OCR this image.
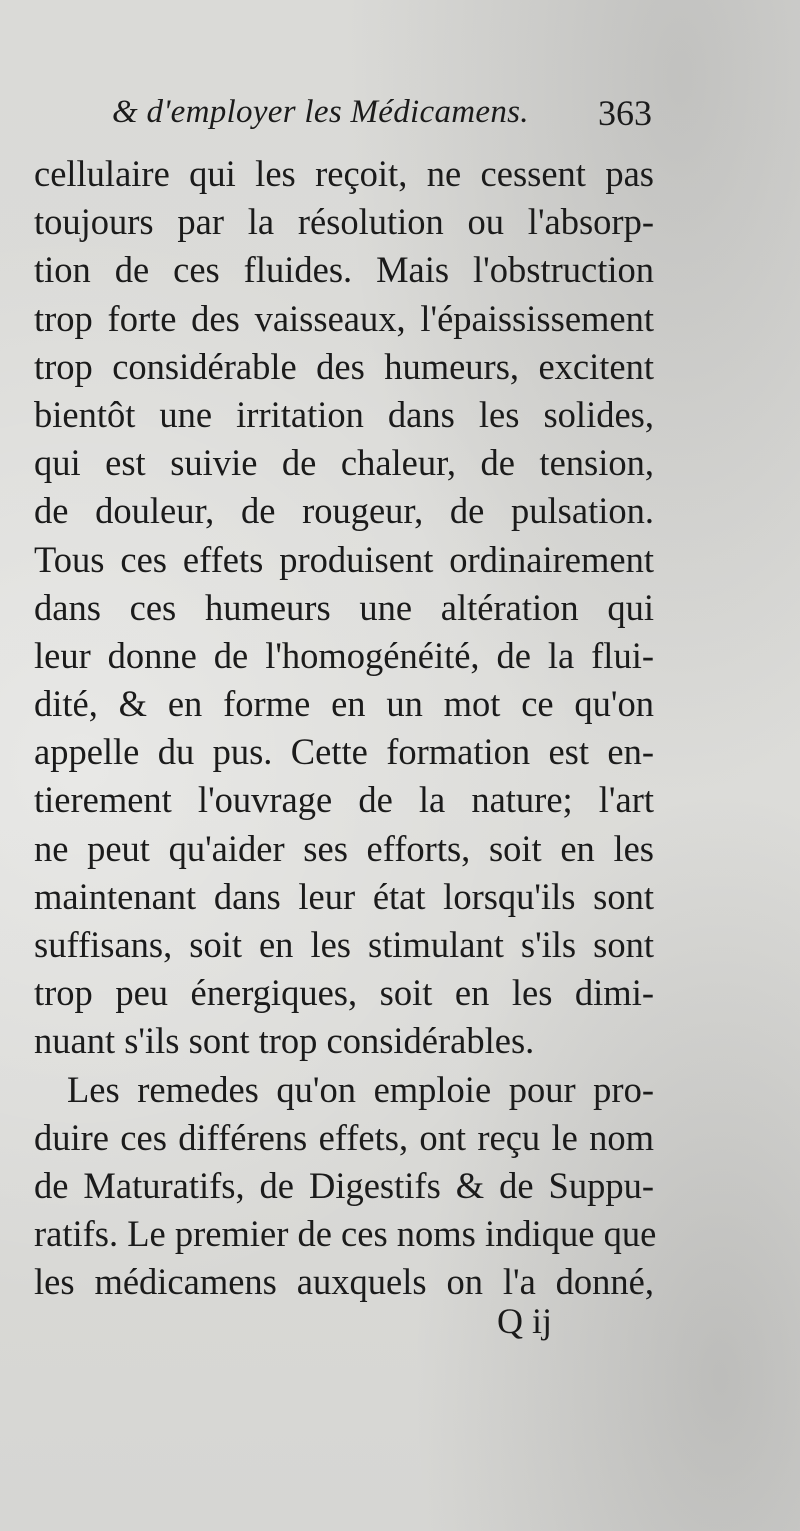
& d'employer les Médicamens. 363
cellulaire qui les reçoit, ne cessent pas
toujours par la résolution ou l'absorp-
tion de ces fluides. Mais l'obstruction
trop forte des vaisseaux, l'épaississement
trop considérable des humeurs, excitent
bientôt une irritation dans les solides,
qui est suivie de chaleur, de tension,
de douleur, de rougeur, de pulsation.
Tous ces effets produisent ordinairement
dans ces humeurs une altération qui
leur donne de l'homogénéité, de la flui-
dité, & en forme en un mot ce qu'on
appelle du pus. Cette formation est en-
tierement l'ouvrage de la nature; l'art
ne peut qu'aider ses efforts, soit en les
maintenant dans leur état lorsqu'ils sont
suffisans, soit en les stimulant s'ils sont
trop peu énergiques, soit en les dimi-
nuant s'ils sont trop considérables.
Les remedes qu'on emploie pour pro-
duire ces différens effets, ont reçu le nom
de Maturatifs, de Digestifs & de Suppu-
ratifs. Le premier de ces noms indique que
les médicamens auxquels on l'a donné,
Q ij
